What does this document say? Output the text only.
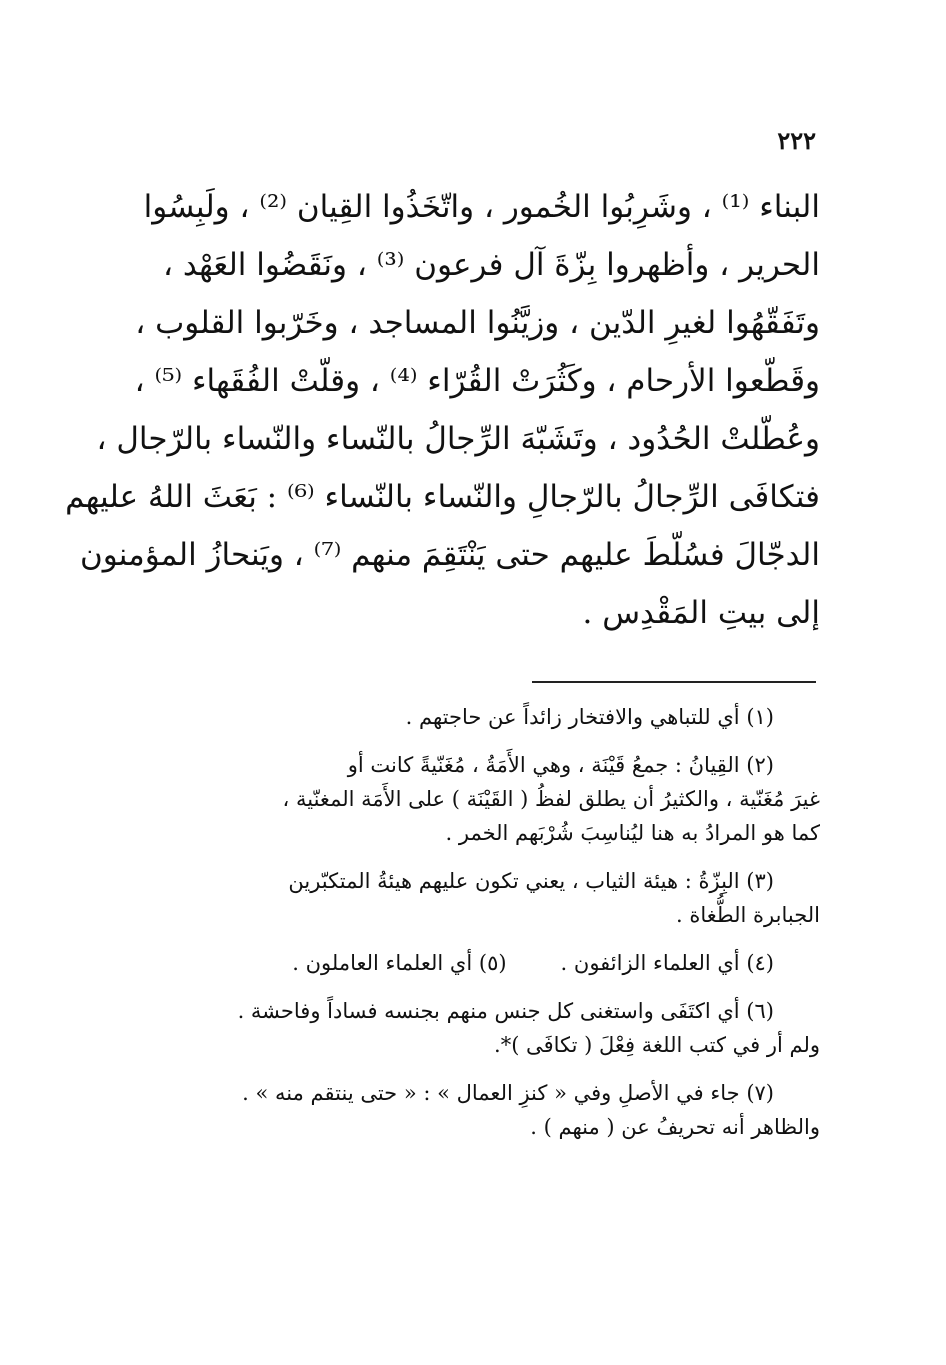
٢٢٢
البناء ⁽¹⁾ ، وشَرِبُوا الخُمور ، واتّخَذُوا القِيان ⁽²⁾ ، ولَبِسُوا
الحرير ، وأظهروا بِزّةَ آل فرعون ⁽³⁾ ، ونَقَضُوا العَهْد ،
وتَفَقّهُوا لغيرِ الدّين ، وزيَّنُوا المساجد ، وخَرّبوا القلوب ،
وقَطّعوا الأرحام ، وكَثُرَتْ القُرّاء ⁽⁴⁾ ، وقلّتْ الفُقَهاء ⁽⁵⁾ ،
وعُطّلتْ الحُدُود ، وتَشَبّهَ الرِّجالُ بالنّساء والنّساء بالرّجال ،
فتكافَى الرِّجالُ بالرّجالِ والنّساء بالنّساء ⁽⁶⁾ : بَعَثَ اللهُ عليهم
الدجّالَ فسُلّطَ عليهم حتى يَنْتَقِمَ منهم ⁽⁷⁾ ، ويَنحازُ المؤمنون
إلى بيتِ المَقْدِس .
(١) أي للتباهي والافتخار زائداً عن حاجتهم .
(٢) القِيانُ : جمعُ قَيْنَة ، وهي الأَمَةُ ، مُغَنّيةً كانت أو
غيرَ مُغَنّية ، والكثيرُ أن يطلق لفظُ ( القَيْنَة ) على الأَمَة المغنّية ،
كما هو المرادُ به هنا ليُناسِبَ شُرْبَهم الخمر .
(٣) البِزّةُ : هيئة الثياب ، يعني تكون عليهم هيئةُ المتكبّرين
الجبابرة الطُّغاة .
(٤) أي العلماء الزائفون .
(٥) أي العلماء العاملون .
(٦) أي اكتَفَى واستغنى كل جنس منهم بجنسه فساداً وفاحشة .
ولم أر في كتب اللغة فِعْلَ ( تكافَى )*.
(٧) جاء في الأصلِ وفي « كنزِ العمال » : « حتى ينتقم منه » .
والظاهر أنه تحريفُ عن ( منهم ) .
